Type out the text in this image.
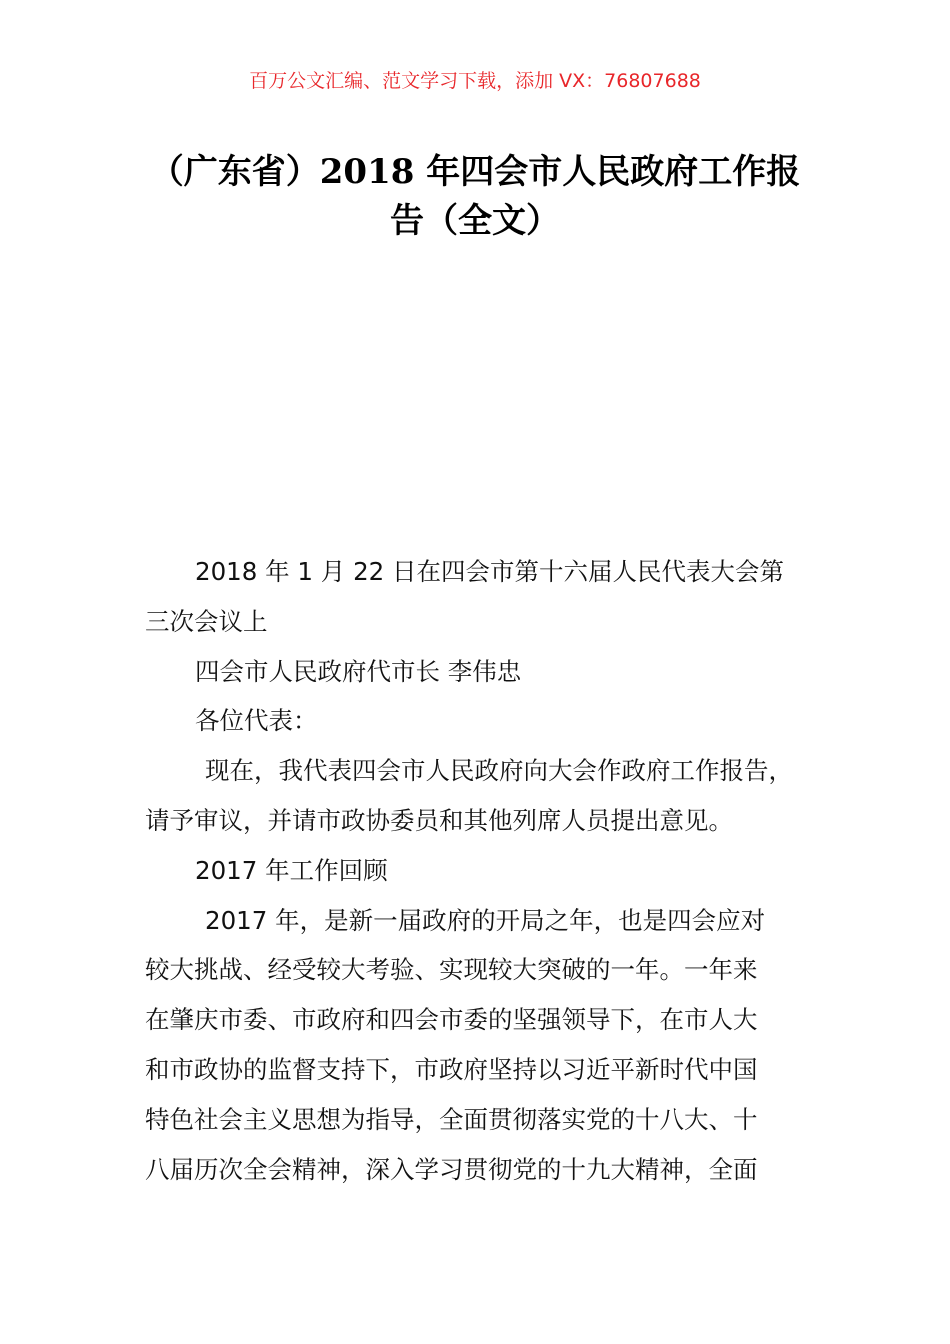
百万公文汇编、范文学习下载，添加 VX：76807688
（广东省）2018 年四会市人民政府工作报
告（全文）
2018 年 1 月 22 日在四会市第十六届人民代表大会第
三次会议上
四会市人民政府代市长 李伟忠
各位代表：
现在，我代表四会市人民政府向大会作政府工作报告，
请予审议，并请市政协委员和其他列席人员提出意见。
2017 年工作回顾
2017 年，是新一届政府的开局之年，也是四会应对
较大挑战、经受较大考验、实现较大突破的一年。一年来
在肇庆市委、市政府和四会市委的坚强领导下，在市人大
和市政协的监督支持下，市政府坚持以习近平新时代中国
特色社会主义思想为指导，全面贯彻落实党的十八大、十
八届历次全会精神，深入学习贯彻党的十九大精神，全面
